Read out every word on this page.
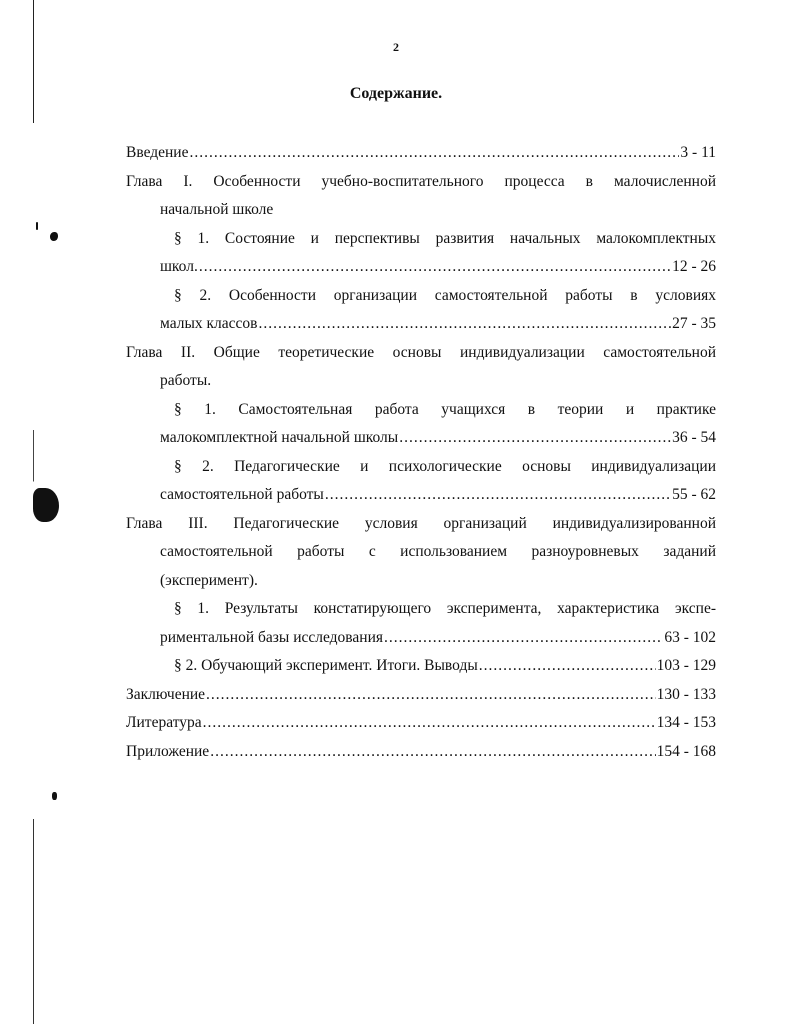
2
Содержание.
Введение .....	3 - 11
Глава I. Особенности учебно-воспитательного процесса в малочисленной
начальной школе
§ 1. Состояние и перспективы развития начальных малокомплектных
школ. .....	12 - 26
§ 2. Особенности организации самостоятельной работы в условиях
малых классов .....	27 - 35
Глава II. Общие теоретические основы индивидуализации самостоятельной
работы.
§ 1. Самостоятельная работа учащихся в теории и практике
малокомплектной начальной школы .....	36 - 54
§ 2. Педагогические и психологические основы индивидуализации
самостоятельной работы .....	55 - 62
Глава III. Педагогические условия организаций индивидуализированной
самостоятельной работы с использованием разноуровневых заданий
(эксперимент).
§ 1. Результаты констатирующего эксперимента, характеристика экспе-
риментальной базы исследования .....	63 - 102
§ 2. Обучающий эксперимент. Итоги. Выводы .....	103 - 129
Заключение .....	130 - 133
Литература .....	134 - 153
Приложение .....	154 - 168
